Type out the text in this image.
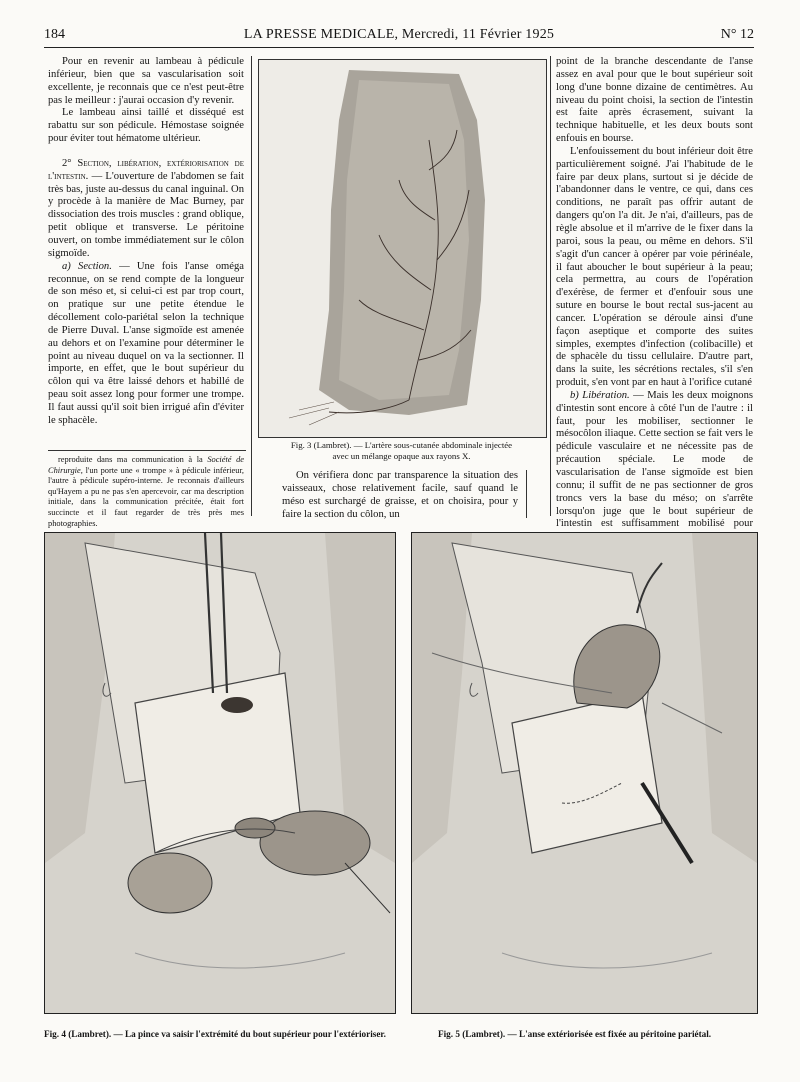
184	LA PRESSE MEDICALE, Mercredi, 11 Février 1925	N° 12

Pour en revenir au lambeau à pédicule inférieur, bien que sa vascularisation soit excellente, je reconnais que ce n'est peut-être pas le meilleur : j'aurai occasion d'y revenir.

Le lambeau ainsi taillé et disséqué est rabattu sur son pédicule. Hémostase soignée pour éviter tout hématome ultérieur.

2° Section, libération, extériorisation de l'intestin. — L'ouverture de l'abdomen se fait très bas, juste au-dessus du canal inguinal. On y procède à la manière de Mac Burney, par dissociation des trois muscles : grand oblique, petit oblique et transverse. Le péritoine ouvert, on tombe immédiatement sur le côlon sigmoïde.

a) Section. — Une fois l'anse oméga reconnue, on se rend compte de la longueur de son méso et, si celui-ci est par trop court, on pratique sur une petite étendue le décollement colo-pariétal selon la technique de Pierre Duval. L'anse sigmoïde est amenée au dehors et on l'examine pour déterminer le point au niveau duquel on va la sectionner. Il importe, en effet, que le bout supérieur du côlon qui va être laissé dehors et habillé de peau soit assez long pour former une trompe. Il faut aussi qu'il soit bien irrigué afin d'éviter le sphacèle.

reproduite dans ma communication à la Société de Chirurgie, l'un porte une « trompe » à pédicule inférieur, l'autre à pédicule supéro-interne. Je reconnais d'ailleurs qu'Hayem a pu ne pas s'en apercevoir, car ma description initiale, dans la communication précitée, était fort succincte et il faut regarder de très près mes photographies.

Fig. 3 (Lambret). — L'artère sous-cutanée abdominale injectée
avec un mélange opaque aux rayons X.

On vérifiera donc par transparence la situation des vaisseaux, chose relativement facile, sauf quand le méso est surchargé de graisse, et on choisira, pour y faire la section du côlon, un

point de la branche descendante de l'anse assez en aval pour que le bout supérieur soit long d'une bonne dizaine de centimètres. Au niveau du point choisi, la section de l'intestin est faite après écrasement, suivant la technique habituelle, et les deux bouts sont enfouis en bourse.

L'enfouissement du bout inférieur doit être particulièrement soigné. J'ai l'habitude de le faire par deux plans, surtout si je décide de l'abandonner dans le ventre, ce qui, dans ces conditions, ne paraît pas offrir autant de dangers qu'on l'a dit. Je n'ai, d'ailleurs, pas de règle absolue et il m'arrive de le fixer dans la paroi, sous la peau, ou même en dehors. S'il s'agit d'un cancer à opérer par voie périnéale, il faut aboucher le bout supérieur à la peau; cela permettra, au cours de l'opération d'exérèse, de fermer et d'enfouir sous une suture en bourse le bout rectal sus-jacent au cancer. L'opération se déroule ainsi d'une façon aseptique et comporte des suites simples, exemptes d'infection (colibacille) et de sphacèle du tissu cellulaire. D'autre part, dans la suite, les sécrétions rectales, s'il s'en produit, s'en vont par en haut à l'orifice cutané

b) Libération. — Mais les deux moignons d'intestin sont encore à côté l'un de l'autre : il faut, pour les mobiliser, sectionner le mésocôlon iliaque. Cette section se fait vers le pédicule vasculaire et ne nécessite pas de précaution spéciale. Le mode de vascularisation de l'anse sigmoïde est bien connu; il suffit de ne pas sectionner de gros troncs vers la base du méso; on s'arrête lorsqu'on juge que le bout supérieur de l'intestin est suffisamment mobilisé pour

Fig. 4 (Lambret). — La pince va saisir l'extrémité du bout supérieur pour l'extérioriser.	Fig. 5 (Lambret). — L'anse extériorisée est fixée au péritoine pariétal.
